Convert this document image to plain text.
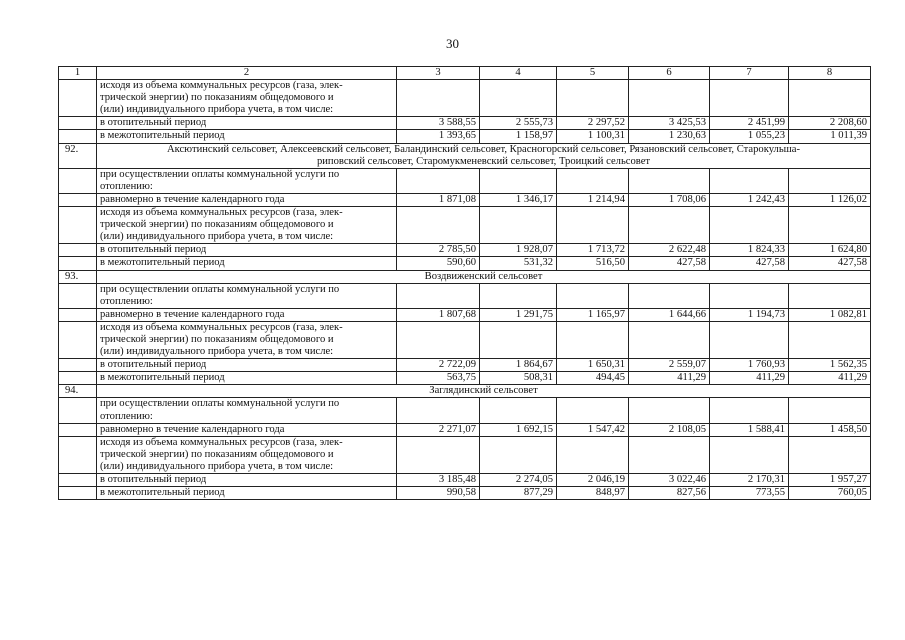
30
1	2	3	4	5	6	7	8

	исходя из объема коммунальных ресурсов (газа, элек-
трической энергии) по показаниям общедомового и
(или) индивидуального прибора учета, в том числе:						

	в отопительный период	3 588,55	2 555,73	2 297,52	3 425,53	2 451,99	2 208,60
	в межотопительный период	1 393,65	1 158,97	1 100,31	1 230,63	1 055,23	1 011,39
92.	Аксютинский сельсовет, Алексеевский сельсовет, Баландинский сельсовет, Красногорский сельсовет, Рязановский сельсовет, Старокульша-
риповский сельсовет, Старомукменевский сельсовет, Троицкий сельсовет						

	при осуществлении оплаты коммунальной услуги по
отоплению:						

	равномерно в течение календарного года	1 871,08	1 346,17	1 214,94	1 708,06	1 242,43	1 126,02

	исходя из объема коммунальных ресурсов (газа, элек-
трической энергии) по показаниям общедомового и
(или) индивидуального прибора учета, в том числе:						

	в отопительный период	2 785,50	1 928,07	1 713,72	2 622,48	1 824,33	1 624,80
	в межотопительный период	590,60	531,32	516,50	427,58	427,58	427,58
93.	Воздвиженский сельсовет						

	при осуществлении оплаты коммунальной услуги по
отоплению:						

	равномерно в течение календарного года	1 807,68	1 291,75	1 165,97	1 644,66	1 194,73	1 082,81

	исходя из объема коммунальных ресурсов (газа, элек-
трической энергии) по показаниям общедомового и
(или) индивидуального прибора учета, в том числе:						

	в отопительный период	2 722,09	1 864,67	1 650,31	2 559,07	1 760,93	1 562,35
	в межотопительный период	563,75	508,31	494,45	411,29	411,29	411,29
94.	Заглядинский сельсовет						

	при осуществлении оплаты коммунальной услуги по
отоплению:						

	равномерно в течение календарного года	2 271,07	1 692,15	1 547,42	2 108,05	1 588,41	1 458,50

	исходя из объема коммунальных ресурсов (газа, элек-
трической энергии) по показаниям общедомового и
(или) индивидуального прибора учета, в том числе:						

	в отопительный период	3 185,48	2 274,05	2 046,19	3 022,46	2 170,31	1 957,27
	в межотопительный период	990,58	877,29	848,97	827,56	773,55	760,05
